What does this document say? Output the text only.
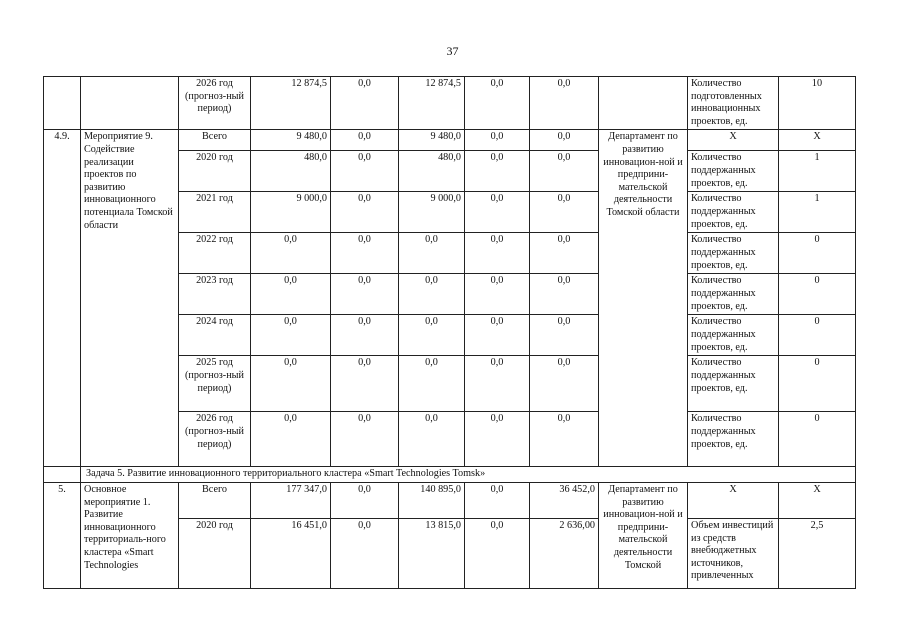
37
		2026 год (прогноз-ный период)	12 874,5	0,0	12 874,5	0,0	0,0		Количество подготовленных инновационных проектов, ед.	10
4.9.	Мероприятие 9. Содействие реализации проектов по развитию инновационного потенциала Томской области	Всего	9 480,0	0,0	9 480,0	0,0	0,0	Департамент по развитию инновацион-ной и предприни-мательской деятельности Томской области	Х	Х
		2020 год	480,0	0,0	480,0	0,0	0,0		Количество поддержанных проектов, ед.	1
		2021 год	9 000,0	0,0	9 000,0	0,0	0,0		Количество поддержанных проектов, ед.	1
		2022 год	0,0	0,0	0,0	0,0	0,0		Количество поддержанных проектов, ед.	0
		2023 год	0,0	0,0	0,0	0,0	0,0		Количество поддержанных проектов, ед.	0
		2024 год	0,0	0,0	0,0	0,0	0,0		Количество поддержанных проектов, ед.	0
		2025 год (прогноз-ный период)	0,0	0,0	0,0	0,0	0,0		Количество поддержанных проектов, ед.	0
		2026 год (прогноз-ный период)	0,0	0,0	0,0	0,0	0,0		Количество поддержанных проектов, ед.	0
	Задача 5. Развитие инновационного территориального кластера «Smart Technologies Tomsk»									
5.	Основное мероприятие 1. Развитие инновационного территориаль-ного кластера «Smart Technologies	Всего	177 347,0	0,0	140 895,0	0,0	36 452,0	Департамент по развитию инновацион-ной и предприни-мательской деятельности Томской	Х	Х
		2020 год	16 451,0	0,0	13 815,0	0,0	2 636,00		Объем инвестиций из средств внебюджетных источников, привлеченных	2,5
